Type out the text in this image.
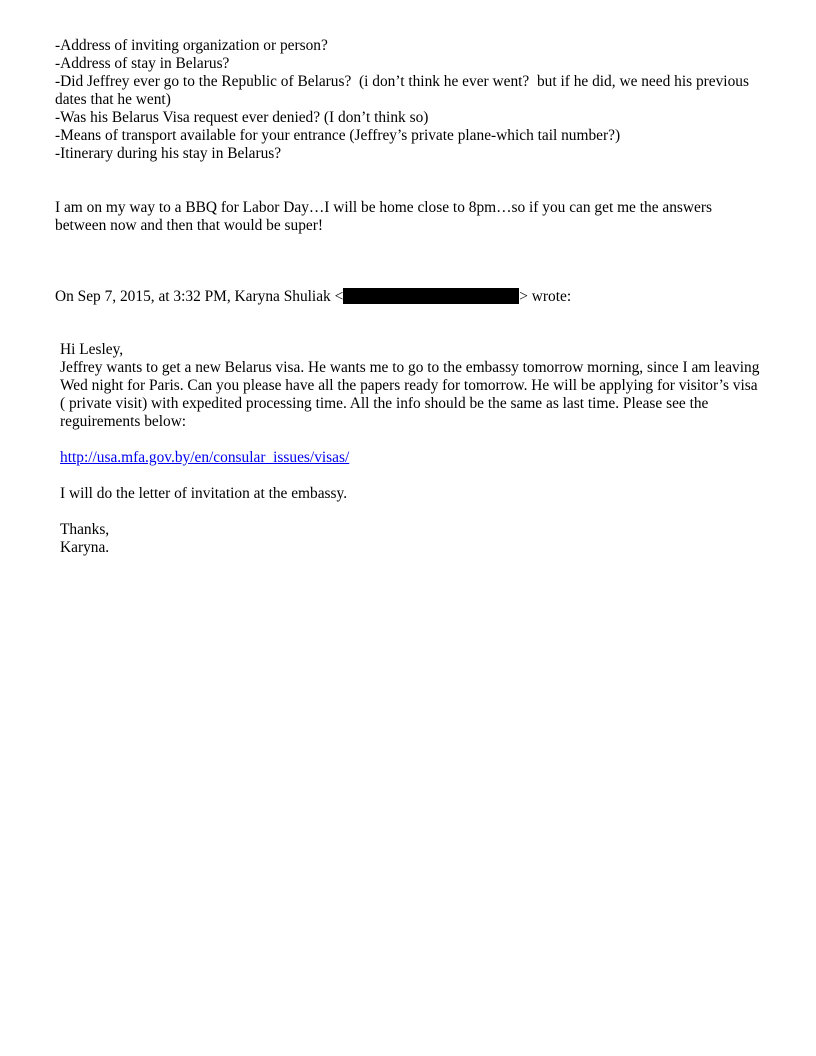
-Address of inviting organization or person?
-Address of stay in Belarus?
-Did Jeffrey ever go to the Republic of Belarus?  (i don’t think he ever went?  but if he did, we need his previous dates that he went)
-Was his Belarus Visa request ever denied? (I don’t think so)
-Means of transport available for your entrance (Jeffrey’s private plane-which tail number?)
-Itinerary during his stay in Belarus?
I am on my way to a BBQ for Labor Day…I will be home close to 8pm…so if you can get me the answers between now and then that would be super!
On Sep 7, 2015, at 3:32 PM, Karyna Shuliak <	> wrote:

Hi Lesley,

Jeffrey wants to get a new Belarus visa. He wants me to go to the embassy tomorrow morning, since I am leaving Wed night for Paris. Can you please have all the papers ready for tomorrow. He will be applying for visitor’s visa ( private visit) with expedited processing time. All the info should be the same as last time. Please see the reguirements below:

http://usa.mfa.gov.by/en/consular_issues/visas/

I will do the letter of invitation at the embassy.

Thanks,

Karyna.
